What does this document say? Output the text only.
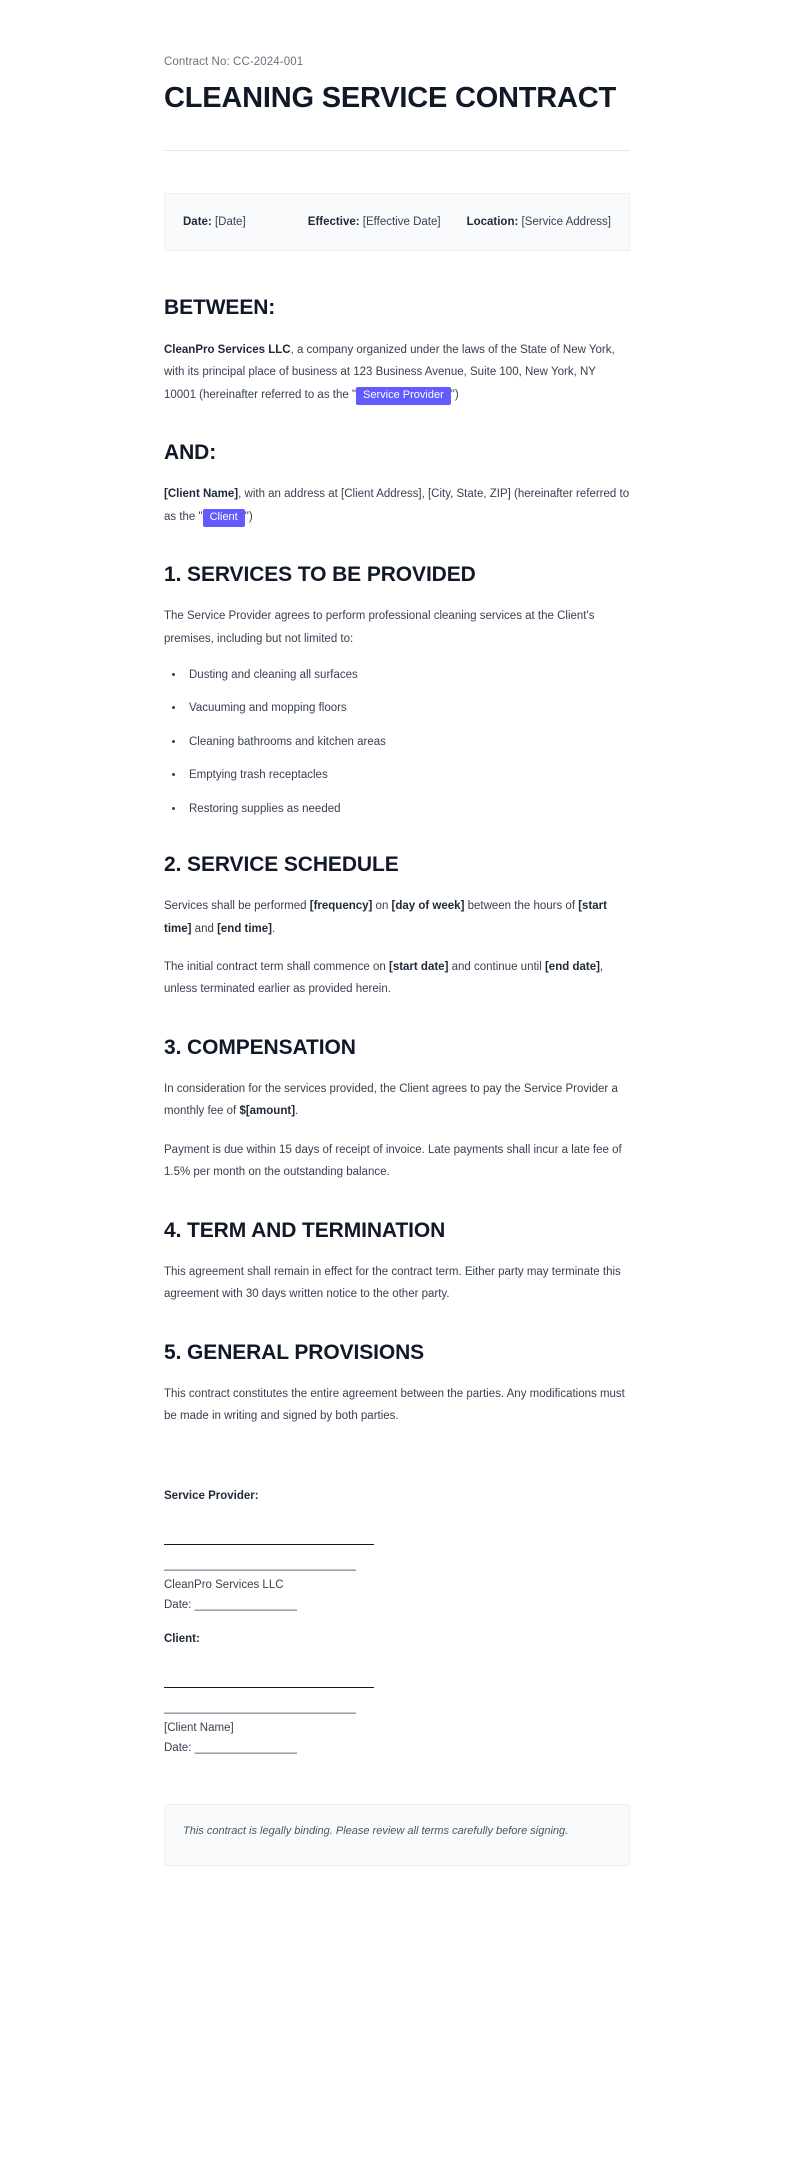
Contract No: CC-2024-001

CLEANING SERVICE CONTRACT
Date: [Date]	Effective: [Effective Date] Location: [Service Address]
BETWEEN:

CleanPro Services LLC, a company organized under the laws of the State of New York, with its principal place of business at 123 Business Avenue, Suite 100, New York, NY 10001 (hereinafter referred to as the " Service Provider ")

AND:

[Client Name], with an address at [Client Address], [City, State, ZIP] (hereinafter referred to as the " Client ")

1. SERVICES TO BE PROVIDED

The Service Provider agrees to perform professional cleaning services at the Client's premises, including but not limited to:

• Dusting and cleaning all surfaces
• Vacuuming and mopping floors
• Cleaning bathrooms and kitchen areas
• Emptying trash receptacles
• Restoring supplies as needed
2. SERVICE SCHEDULE

Services shall be performed [frequency] on [day of week] between the hours of [start time] and [end time].

The initial contract term shall commence on [start date] and continue until [end date], unless terminated earlier as provided herein.

3. COMPENSATION

In consideration for the services provided, the Client agrees to pay the Service Provider a monthly fee of $[amount].

Payment is due within 15 days of receipt of invoice. Late payments shall incur a late fee of 1.5% per month on the outstanding balance.

4. TERM AND TERMINATION

This agreement shall remain in effect for the contract term. Either party may terminate this agreement with 30 days written notice to the other party.

5. GENERAL PROVISIONS

This contract constitutes the entire agreement between the parties. Any modifications must be made in writing and signed by both parties.

Service Provider:

______________________________

CleanPro Services LLC

Date: ________________

Client:

______________________________

[Client Name]

Date: ________________

This contract is legally binding. Please review all terms carefully before signing.
